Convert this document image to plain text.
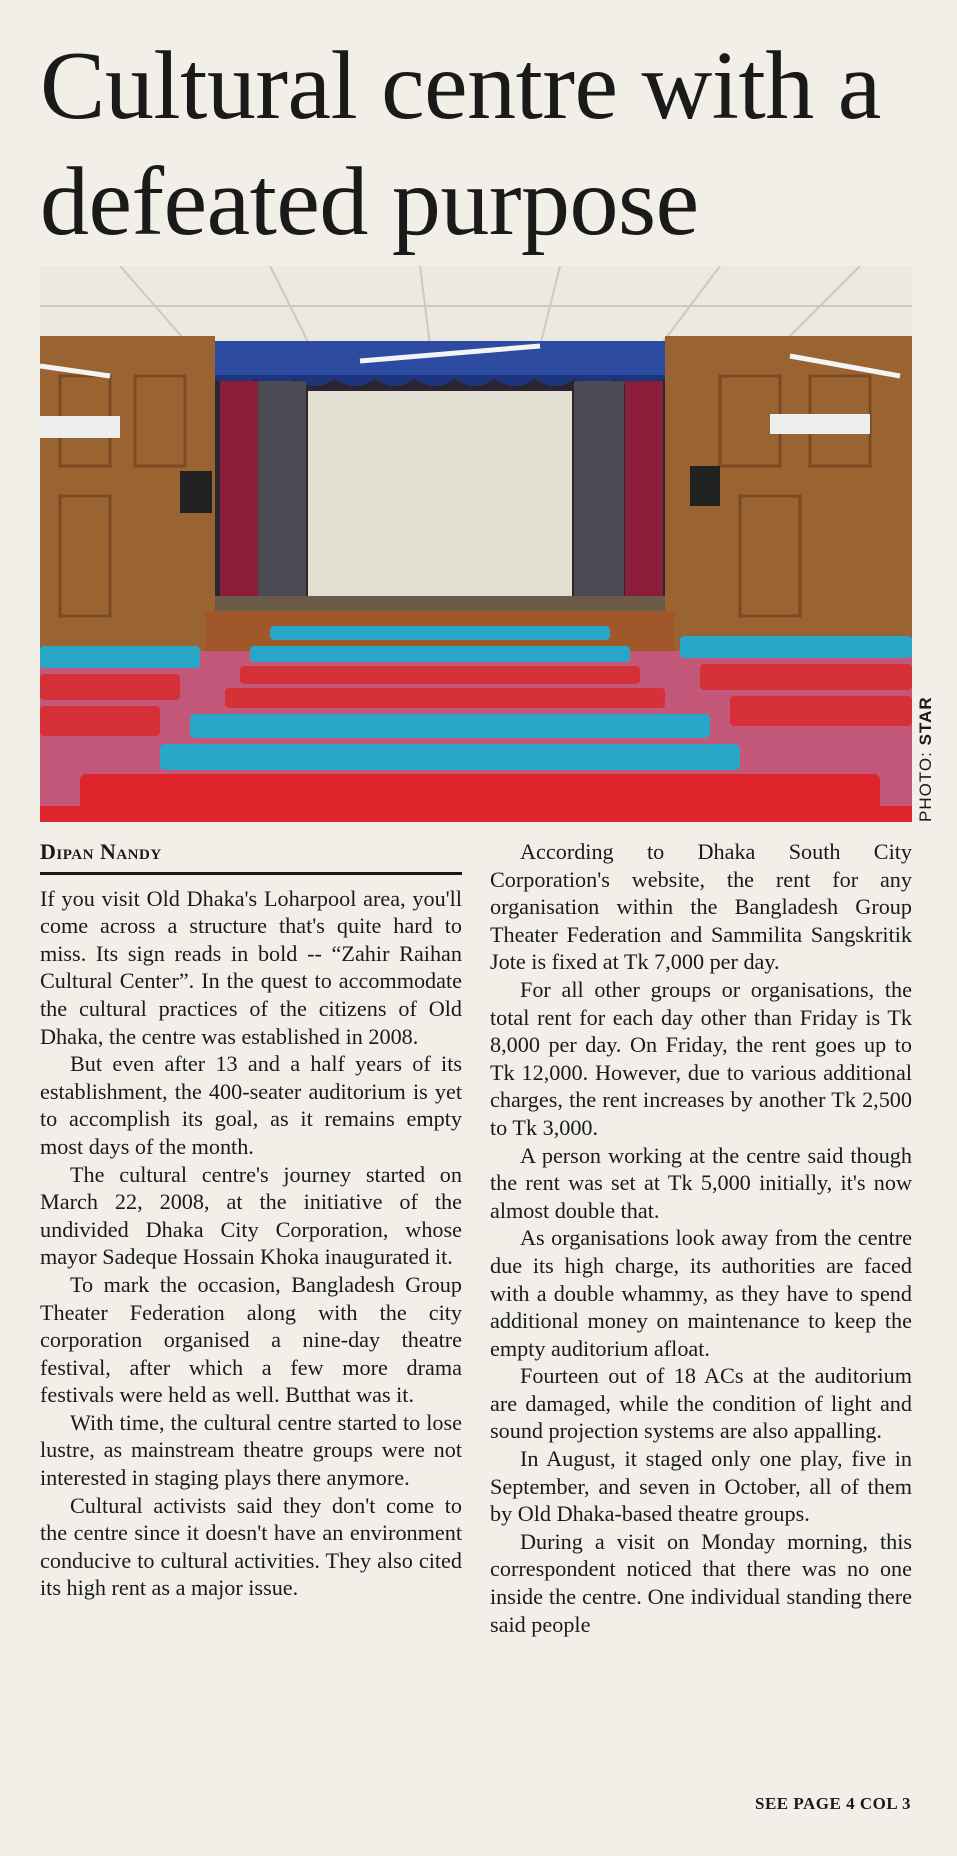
Cultural centre with a defeated purpose
PHOTO: STAR
Dipan Nandy

If you visit Old Dhaka's Loharpool area, you'll come across a structure that's quite hard to miss. Its sign reads in bold -- “Zahir Raihan Cultural Center”. In the quest to accommodate the cultural practices of the citizens of Old Dhaka, the centre was established in 2008.

But even after 13 and a half years of its establishment, the 400-seater auditorium is yet to accomplish its goal, as it remains empty most days of the month.

The cultural centre's journey started on March 22, 2008, at the initiative of the undivided Dhaka City Corporation, whose mayor Sadeque Hossain Khoka inaugurated it.

To mark the occasion, Bangladesh Group Theater Federation along with the city corporation organised a nine-day theatre festival, after which a few more drama festivals were held as well. Butthat was it.

With time, the cultural centre started to lose lustre, as mainstream theatre groups were not interested in staging plays there anymore.

Cultural activists said they don't come to the centre since it doesn't have an environment conducive to cultural activities. They also cited its high rent as a major issue.

According to Dhaka South City Corporation's website, the rent for any organisation within the Bangladesh Group Theater Federation and Sammilita Sangskritik Jote is fixed at Tk 7,000 per day.

For all other groups or organisations, the total rent for each day other than Friday is Tk 8,000 per day. On Friday, the rent goes up to Tk 12,000. However, due to various additional charges, the rent increases by another Tk 2,500 to Tk 3,000.

A person working at the centre said though the rent was set at Tk 5,000 initially, it's now almost double that.

As organisations look away from the centre due its high charge, its authorities are faced with a double whammy, as they have to spend additional money on maintenance to keep the empty auditorium afloat.

Fourteen out of 18 ACs at the auditorium are damaged, while the condition of light and sound projection systems are also appalling.

In August, it staged only one play, five in September, and seven in October, all of them by Old Dhaka-based theatre groups.

During a visit on Monday morning, this correspondent noticed that there was no one inside the centre. One individual standing there said people

SEE PAGE 4 COL 3
